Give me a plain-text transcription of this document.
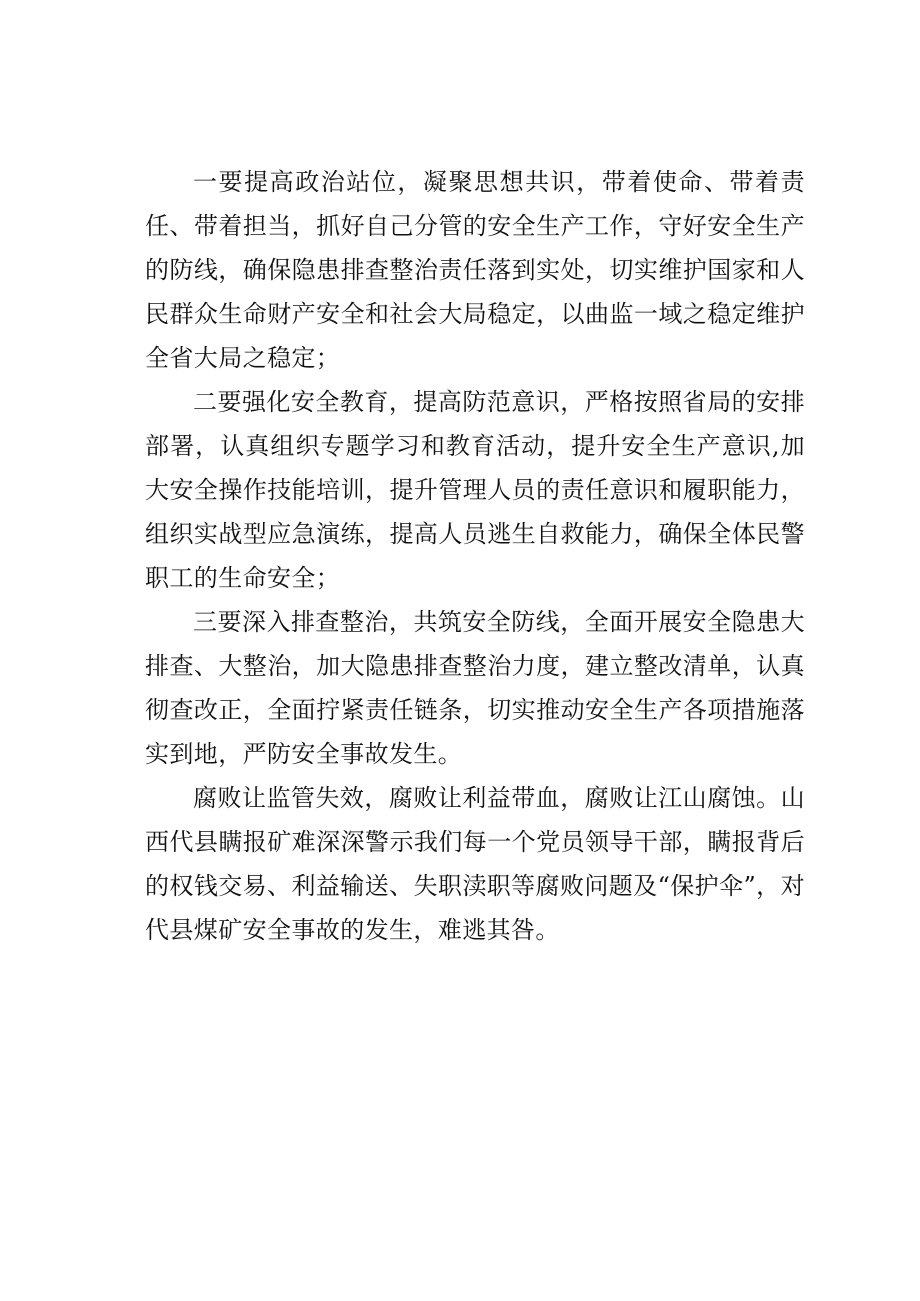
一要提高政治站位，凝聚思想共识，带着使命、带着责任、带着担当，抓好自己分管的安全生产工作，守好安全生产的防线，确保隐患排查整治责任落到实处，切实维护国家和人民群众生命财产安全和社会大局稳定，以曲监一域之稳定维护全省大局之稳定；

二要强化安全教育，提高防范意识，严格按照省局的安排部署，认真组织专题学习和教育活动，提升安全生产意识,加大安全操作技能培训，提升管理人员的责任意识和履职能力，组织实战型应急演练，提高人员逃生自救能力，确保全体民警职工的生命安全；

三要深入排查整治，共筑安全防线，全面开展安全隐患大排查、大整治，加大隐患排查整治力度，建立整改清单，认真彻查改正，全面拧紧责任链条，切实推动安全生产各项措施落实到地，严防安全事故发生。

腐败让监管失效，腐败让利益带血，腐败让江山腐蚀。山西代县瞒报矿难深深警示我们每一个党员领导干部，瞒报背后的权钱交易、利益输送、失职渎职等腐败问题及“保护伞”，对代县煤矿安全事故的发生，难逃其咎。
